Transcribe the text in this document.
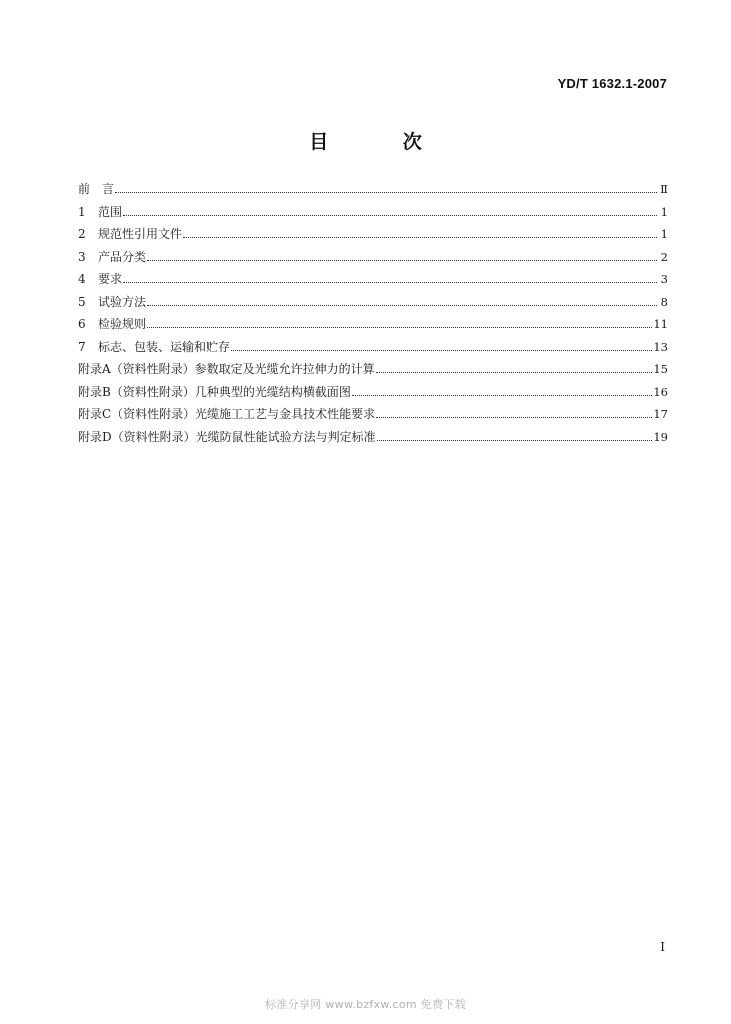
YD/T 1632.1-2007
目 次
前　言	Ⅱ
1 范围	1
2 规范性引用文件	1
3 产品分类	2
4 要求	3
5 试验方法	8
6 检验规则	11
7 标志、包装、运输和贮存	13
附录A（资料性附录）参数取定及光缆允许拉伸力的计算	15
附录B（资料性附录）几种典型的光缆结构横截面图	16
附录C（资料性附录）光缆施工工艺与金具技术性能要求	17
附录D（资料性附录）光缆防鼠性能试验方法与判定标准	19
I
标准分享网 www.bzfxw.com 免费下载
